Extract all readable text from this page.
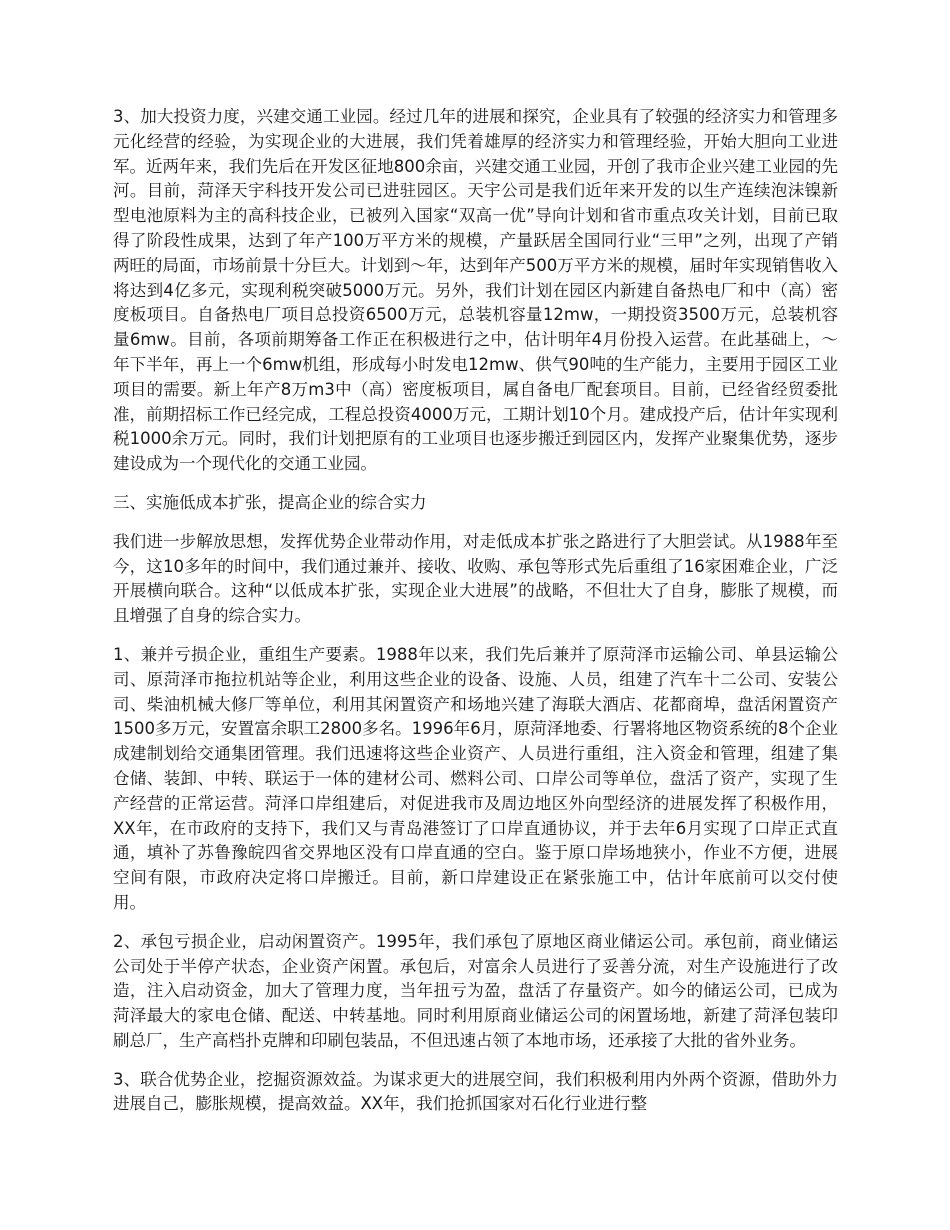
3、加大投资力度，兴建交通工业园。经过几年的进展和探究，企业具有了较强的经济实力和管理多元化经营的经验，为实现企业的大进展，我们凭着雄厚的经济实力和管理经验，开始大胆向工业进军。近两年来，我们先后在开发区征地800余亩，兴建交通工业园，开创了我市企业兴建工业园的先河。目前，菏泽天宇科技开发公司已进驻园区。天宇公司是我们近年来开发的以生产连续泡沫镍新型电池原料为主的高科技企业，已被列入国家“双高一优”导向计划和省市重点攻关计划，目前已取得了阶段性成果，达到了年产100万平方米的规模，产量跃居全国同行业“三甲”之列，出现了产销两旺的局面，市场前景十分巨大。计划到～年，达到年产500万平方米的规模，届时年实现销售收入将达到4亿多元，实现利税突破5000万元。另外，我们计划在园区内新建自备热电厂和中（高）密度板项目。自备热电厂项目总投资6500万元，总装机容量12mw，一期投资3500万元，总装机容量6mw。目前，各项前期筹备工作正在积极进行之中，估计明年4月份投入运营。在此基础上，～年下半年，再上一个6mw机组，形成每小时发电12mw、供气90吨的生产能力，主要用于园区工业项目的需要。新上年产8万m3中（高）密度板项目，属自备电厂配套项目。目前，已经省经贸委批准，前期招标工作已经完成，工程总投资4000万元，工期计划10个月。建成投产后，估计年实现利税1000余万元。同时，我们计划把原有的工业项目也逐步搬迁到园区内，发挥产业聚集优势，逐步建设成为一个现代化的交通工业园。

三、实施低成本扩张，提高企业的综合实力

我们进一步解放思想，发挥优势企业带动作用，对走低成本扩张之路进行了大胆尝试。从1988年至今，这10多年的时间中，我们通过兼并、接收、收购、承包等形式先后重组了16家困难企业，广泛开展横向联合。这种“以低成本扩张，实现企业大进展”的战略，不但壮大了自身，膨胀了规模，而且增强了自身的综合实力。

1、兼并亏损企业，重组生产要素。1988年以来，我们先后兼并了原菏泽市运输公司、单县运输公司、原菏泽市拖拉机站等企业，利用这些企业的设备、设施、人员，组建了汽车十二公司、安装公司、柴油机械大修厂等单位，利用其闲置资产和场地兴建了海联大酒店、花都商埠，盘活闲置资产1500多万元，安置富余职工2800多名。1996年6月，原菏泽地委、行署将地区物资系统的8个企业成建制划给交通集团管理。我们迅速将这些企业资产、人员进行重组，注入资金和管理，组建了集仓储、装卸、中转、联运于一体的建材公司、燃料公司、口岸公司等单位，盘活了资产，实现了生产经营的正常运营。菏泽口岸组建后，对促进我市及周边地区外向型经济的进展发挥了积极作用，XX年，在市政府的支持下，我们又与青岛港签订了口岸直通协议，并于去年6月实现了口岸正式直通，填补了苏鲁豫皖四省交界地区没有口岸直通的空白。鉴于原口岸场地狭小，作业不方便，进展空间有限，市政府决定将口岸搬迁。目前，新口岸建设正在紧张施工中，估计年底前可以交付使用。

2、承包亏损企业，启动闲置资产。1995年，我们承包了原地区商业储运公司。承包前，商业储运公司处于半停产状态，企业资产闲置。承包后，对富余人员进行了妥善分流，对生产设施进行了改造，注入启动资金，加大了管理力度，当年扭亏为盈，盘活了存量资产。如今的储运公司，已成为菏泽最大的家电仓储、配送、中转基地。同时利用原商业储运公司的闲置场地，新建了菏泽包装印刷总厂，生产高档扑克牌和印刷包装品，不但迅速占领了本地市场，还承接了大批的省外业务。

3、联合优势企业，挖掘资源效益。为谋求更大的进展空间，我们积极利用内外两个资源，借助外力进展自己，膨胀规模，提高效益。XX年，我们抢抓国家对石化行业进行整
